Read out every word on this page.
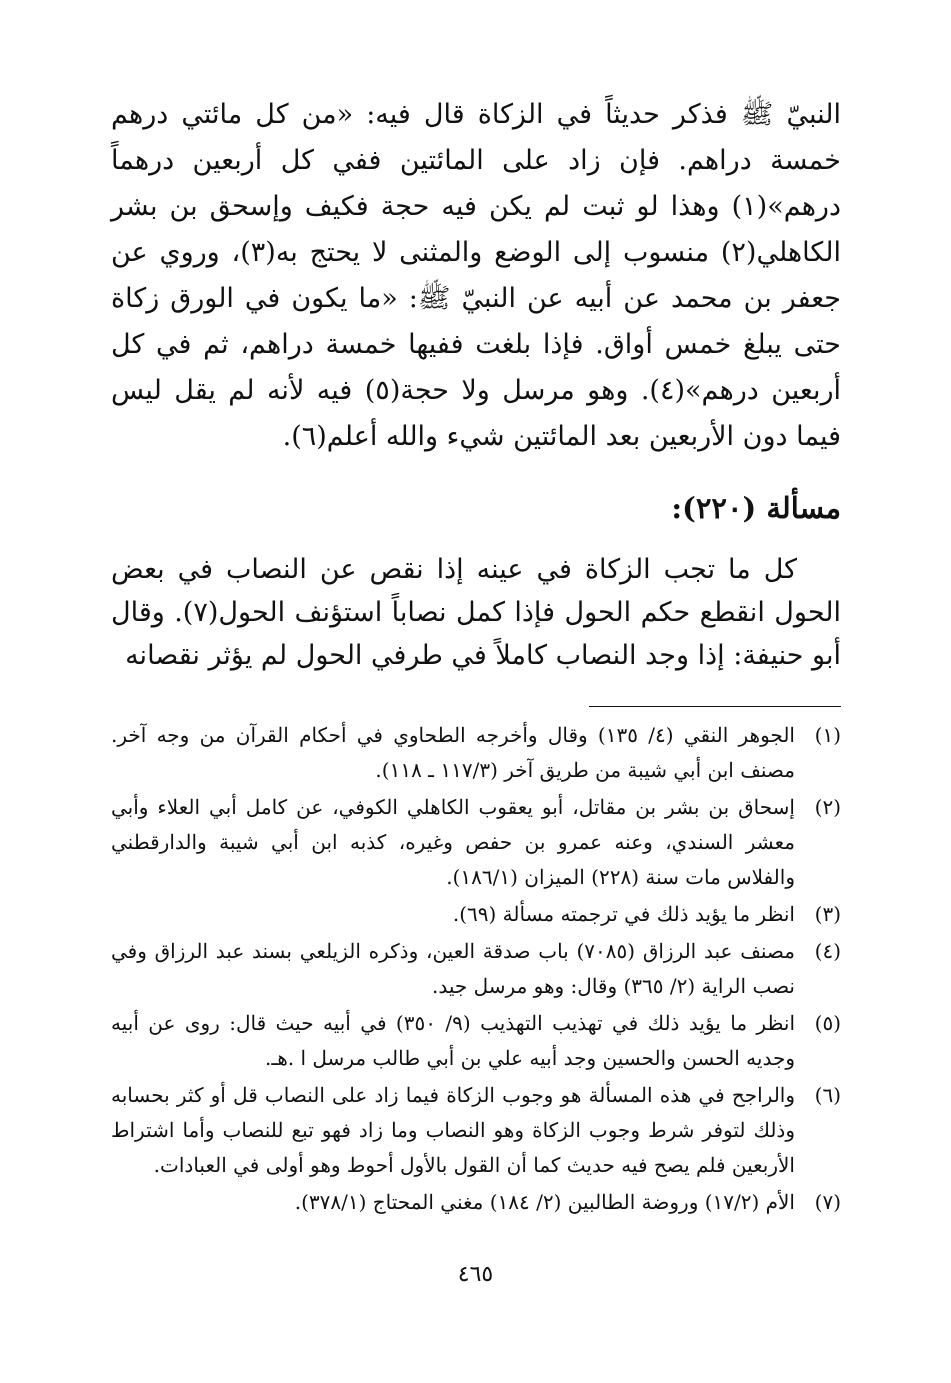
النبيّ ﷺ فذكر حديثاً في الزكاة قال فيه: «من كل مائتي درهم خمسة دراهم. فإن زاد على المائتين ففي كل أربعين درهماً درهم»(١) وهذا لو ثبت لم يكن فيه حجة فكيف وإسحق بن بشر الكاهلي(٢) منسوب إلى الوضع والمثنى لا يحتج به(٣)، وروي عن جعفر بن محمد عن أبيه عن النبيّ ﷺ: «ما يكون في الورق زكاة حتى يبلغ خمس أواق. فإذا بلغت ففيها خمسة دراهم، ثم في كل أربعين درهم»(٤). وهو مرسل ولا حجة(٥) فيه لأنه لم يقل ليس فيما دون الأربعين بعد المائتين شيء والله أعلم(٦).

مسألة (٢٢٠):

كل ما تجب الزكاة في عينه إذا نقص عن النصاب في بعض الحول انقطع حكم الحول فإذا كمل نصاباً استؤنف الحول(٧). وقال أبو حنيفة: إذا وجد النصاب كاملاً في طرفي الحول لم يؤثر نقصانه

(١)
الجوهر النقي (٤/ ١٣٥) وقال وأخرجه الطحاوي في أحكام القرآن من وجه آخر. مصنف ابن أبي شيبة من طريق آخر (١١٧/٣ ـ ١١٨).
(٢)
إسحاق بن بشر بن مقاتل، أبو يعقوب الكاهلي الكوفي، عن كامل أبي العلاء وأبي معشر السندي، وعنه عمرو بن حفص وغيره، كذبه ابن أبي شيبة والدارقطني والفلاس مات سنة (٢٢٨) الميزان (١٨٦/١).
(٣)
انظر ما يؤيد ذلك في ترجمته مسألة (٦٩).
(٤)
مصنف عبد الرزاق (٧٠٨٥) باب صدقة العين، وذكره الزيلعي بسند عبد الرزاق وفي نصب الراية (٢/ ٣٦٥) وقال: وهو مرسل جيد.
(٥)
انظر ما يؤيد ذلك في تهذيب التهذيب (٩/ ٣٥٠) في أبيه حيث قال: روى عن أبيه وجديه الحسن والحسين وجد أبيه علي بن أبي طالب مرسل ا .هـ.
(٦)
والراجح في هذه المسألة هو وجوب الزكاة فيما زاد على النصاب قل أو كثر بحسابه وذلك لتوفر شرط وجوب الزكاة وهو النصاب وما زاد فهو تبع للنصاب وأما اشتراط الأربعين فلم يصح فيه حديث كما أن القول بالأول أحوط وهو أولى في العبادات.
(٧)
الأم (١٧/٢) وروضة الطالبين (٢/ ١٨٤) مغني المحتاج (٣٧٨/١).
٤٦٥
